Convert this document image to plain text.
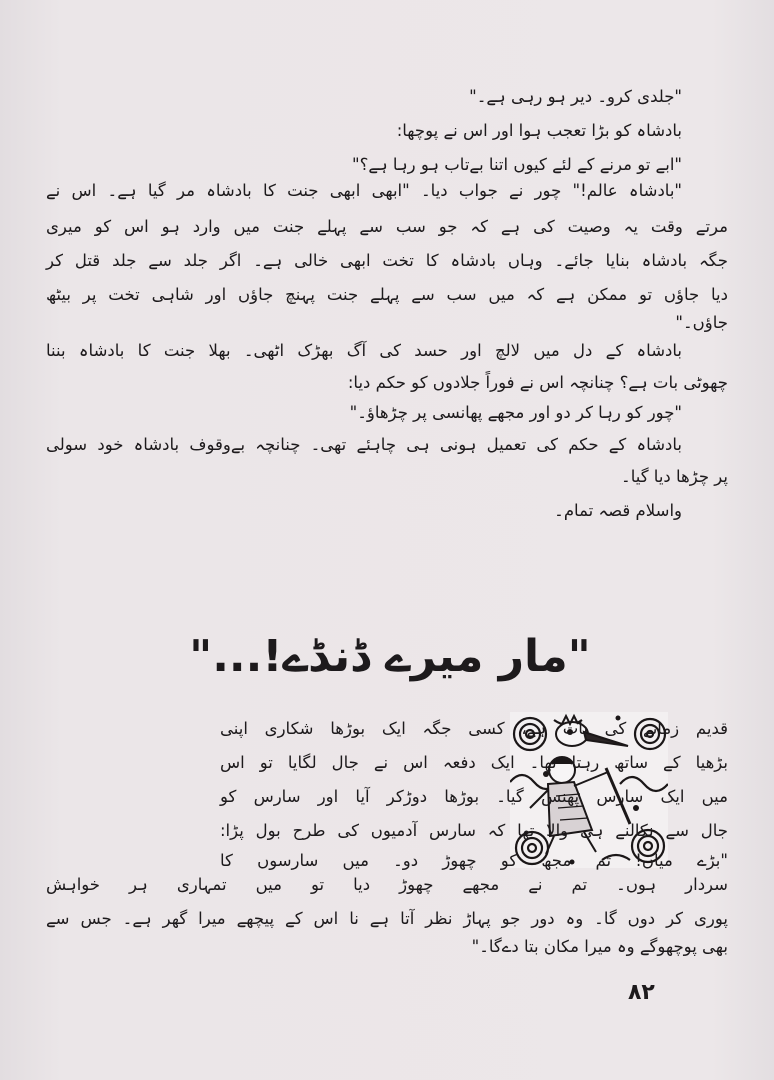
"جلدی کرو۔ دیر ہو رہی ہے۔"
بادشاہ کو بڑا تعجب ہوا اور اس نے پوچھا:
"ابے تو مرنے کے لئے کیوں اتنا بےتاب ہو رہا ہے؟"
"بادشاہ عالم!" چور نے جواب دیا۔ "ابھی ابھی جنت کا بادشاہ مر گیا ہے۔ اس نے
مرتے وقت یہ وصیت کی ہے کہ جو سب سے پہلے جنت میں وارد ہو اس کو میری
جگہ بادشاہ بنایا جائے۔ وہاں بادشاہ کا تخت ابھی خالی ہے۔ اگر جلد سے جلد قتل کر
دیا جاؤں تو ممکن ہے کہ میں سب سے پہلے جنت پہنچ جاؤں اور شاہی تخت پر بیٹھ
جاؤں۔"
بادشاہ کے دل میں لالچ اور حسد کی آگ بھڑک اٹھی۔ بھلا جنت کا بادشاہ بننا
چھوٹی بات ہے؟ چنانچہ اس نے فوراً جلادوں کو حکم دیا:
"چور کو رہا کر دو اور مجھے پھانسی پر چڑھاؤ۔"
بادشاہ کے حکم کی تعمیل ہونی ہی چاہئے تھی۔ چنانچہ بےوقوف بادشاہ خود سولی
پر چڑھا دیا گیا۔
واسلام قصہ تمام۔
"مار میرے ڈنڈے!..."
قدیم زمانے کی بات ہے، کسی جگہ ایک بوڑھا شکاری اپنی
بڑھیا کے ساتھ رہتا تھا۔ ایک دفعہ اس نے جال لگایا تو اس
میں ایک سارس پھنس گیا۔ بوڑھا دوڑکر آیا اور سارس کو
جال سے نکالنے ہی والا تھا کہ سارس آدمیوں کی طرح بول پڑا:
"بڑے میاں! تم مجھ کو چھوڑ دو۔ میں سارسوں کا
سردار ہوں۔ تم نے مجھے چھوڑ دیا تو میں تمہاری ہر خواہش
پوری کر دوں گا۔ وہ دور جو پہاڑ نظر آتا ہے نا اس کے پیچھے میرا گھر ہے۔ جس سے
بھی پوچھوگے وہ میرا مکان بتا دےگا۔"
۸۲
